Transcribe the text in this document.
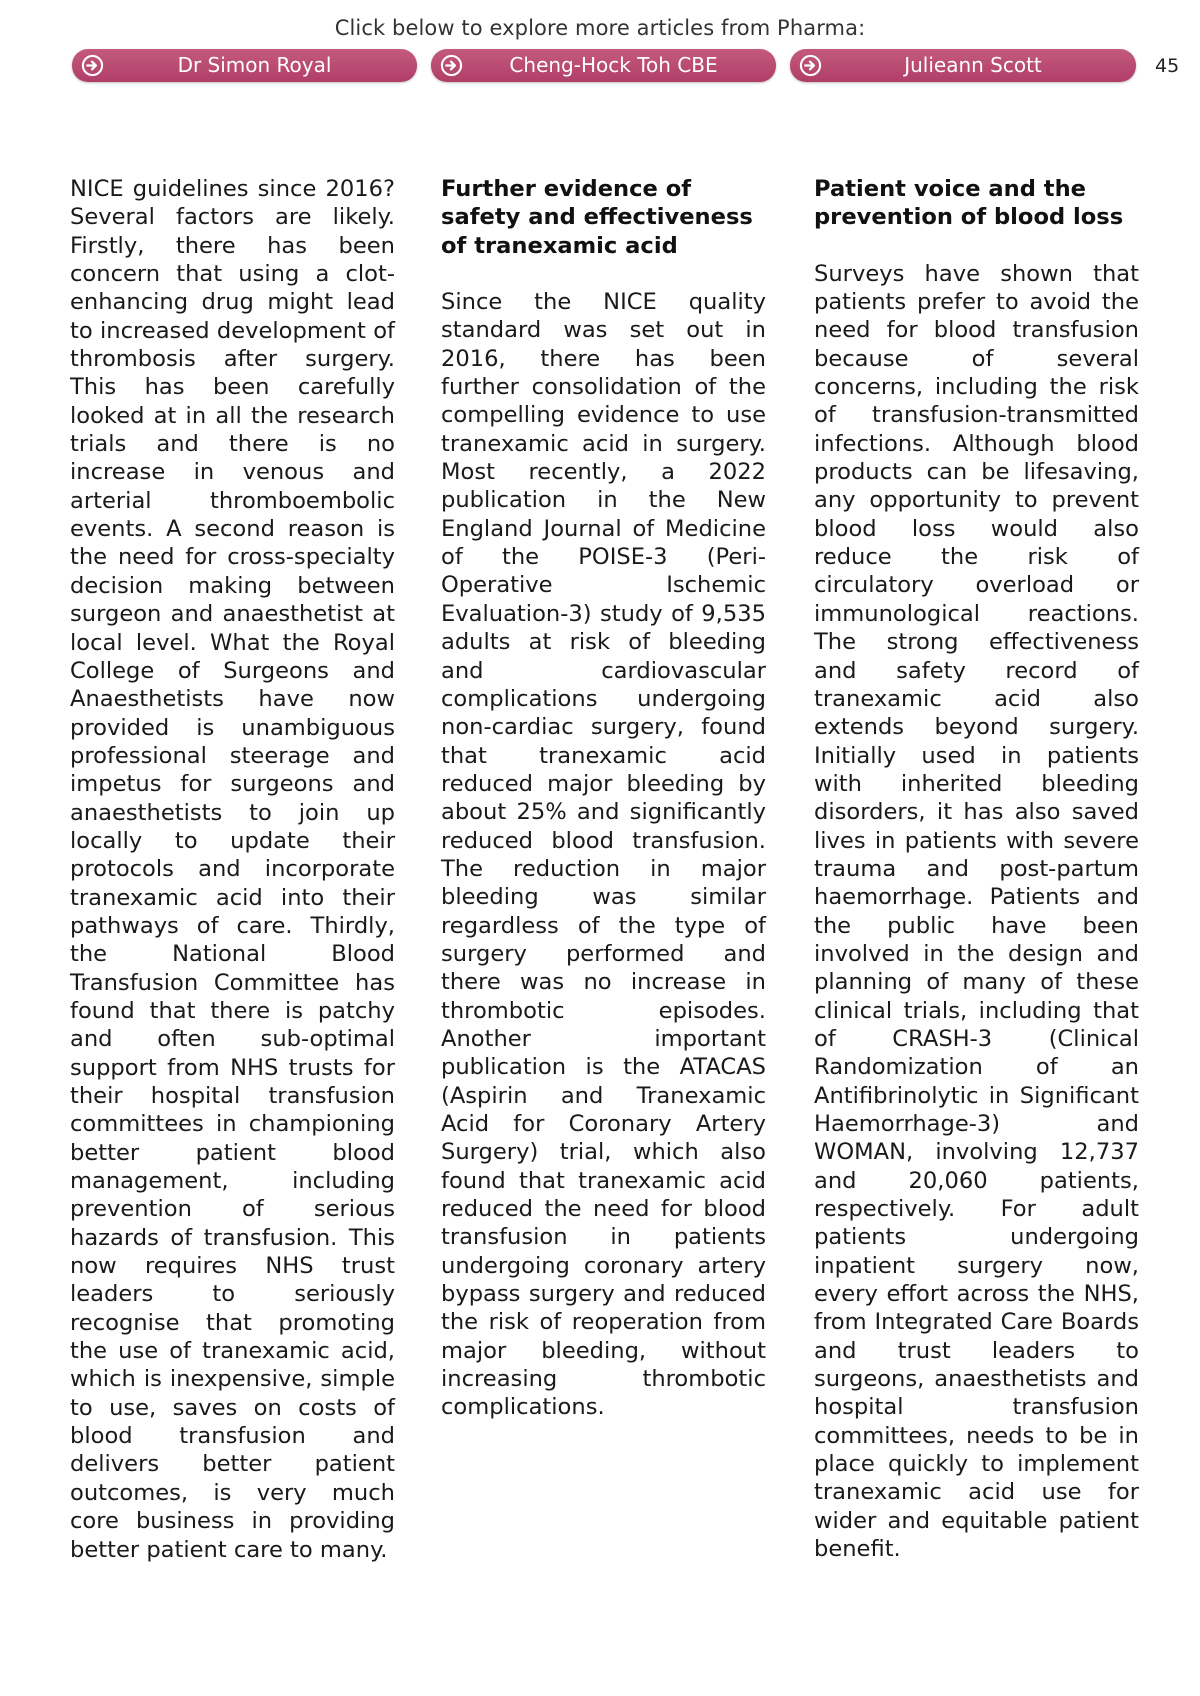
Click below to explore more articles from Pharma:
Dr Simon Royal	Cheng-Hock Toh CBE	Julieann Scott	45

NICE guidelines since 2016? Several factors are likely. Firstly, there has been concern that using a clot-enhancing drug might lead to increased development of thrombosis after surgery. This has been carefully looked at in all the research trials and there is no increase in venous and arterial thromboembolic events. A second reason is the need for cross-specialty decision making between surgeon and anaesthetist at local level. What the Royal College of Surgeons and Anaesthetists have now provided is unambiguous professional steerage and impetus for surgeons and anaesthetists to join up locally to update their protocols and incorporate tranexamic acid into their pathways of care. Thirdly, the National Blood Transfusion Committee has found that there is patchy and often sub-optimal support from NHS trusts for their hospital transfusion committees in championing better patient blood management, including prevention of serious hazards of transfusion. This now requires NHS trust leaders to seriously recognise that promoting the use of tranexamic acid, which is inexpensive, simple to use, saves on costs of blood transfusion and delivers better patient outcomes, is very much core business in providing better patient care to many.

Further evidence of safety and effectiveness of tranexamic acid

Since the NICE quality standard was set out in 2016, there has been further consolidation of the compelling evidence to use tranexamic acid in surgery. Most recently, a 2022 publication in the New England Journal of Medicine of the POISE-3 (Peri-Operative Ischemic Evaluation-3) study of 9,535 adults at risk of bleeding and cardiovascular complications undergoing non-cardiac surgery, found that tranexamic acid reduced major bleeding by about 25% and significantly reduced blood transfusion. The reduction in major bleeding was similar regardless of the type of surgery performed and there was no increase in thrombotic episodes. Another important publication is the ATACAS (Aspirin and Tranexamic Acid for Coronary Artery Surgery) trial, which also found that tranexamic acid reduced the need for blood transfusion in patients undergoing coronary artery bypass surgery and reduced the risk of reoperation from major bleeding, without increasing thrombotic complications.

Patient voice and the prevention of blood loss

Surveys have shown that patients prefer to avoid the need for blood transfusion because of several concerns, including the risk of transfusion-transmitted infections. Although blood products can be lifesaving, any opportunity to prevent blood loss would also reduce the risk of circulatory overload or immunological reactions. The strong effectiveness and safety record of tranexamic acid also extends beyond surgery. Initially used in patients with inherited bleeding disorders, it has also saved lives in patients with severe trauma and post-partum haemorrhage. Patients and the public have been involved in the design and planning of many of these clinical trials, including that of CRASH-3 (Clinical Randomization of an Antifibrinolytic in Significant Haemorrhage-3) and WOMAN, involving 12,737 and 20,060 patients, respectively. For adult patients undergoing inpatient surgery now, every effort across the NHS, from Integrated Care Boards and trust leaders to surgeons, anaesthetists and hospital transfusion committees, needs to be in place quickly to implement tranexamic acid use for wider and equitable patient benefit.
